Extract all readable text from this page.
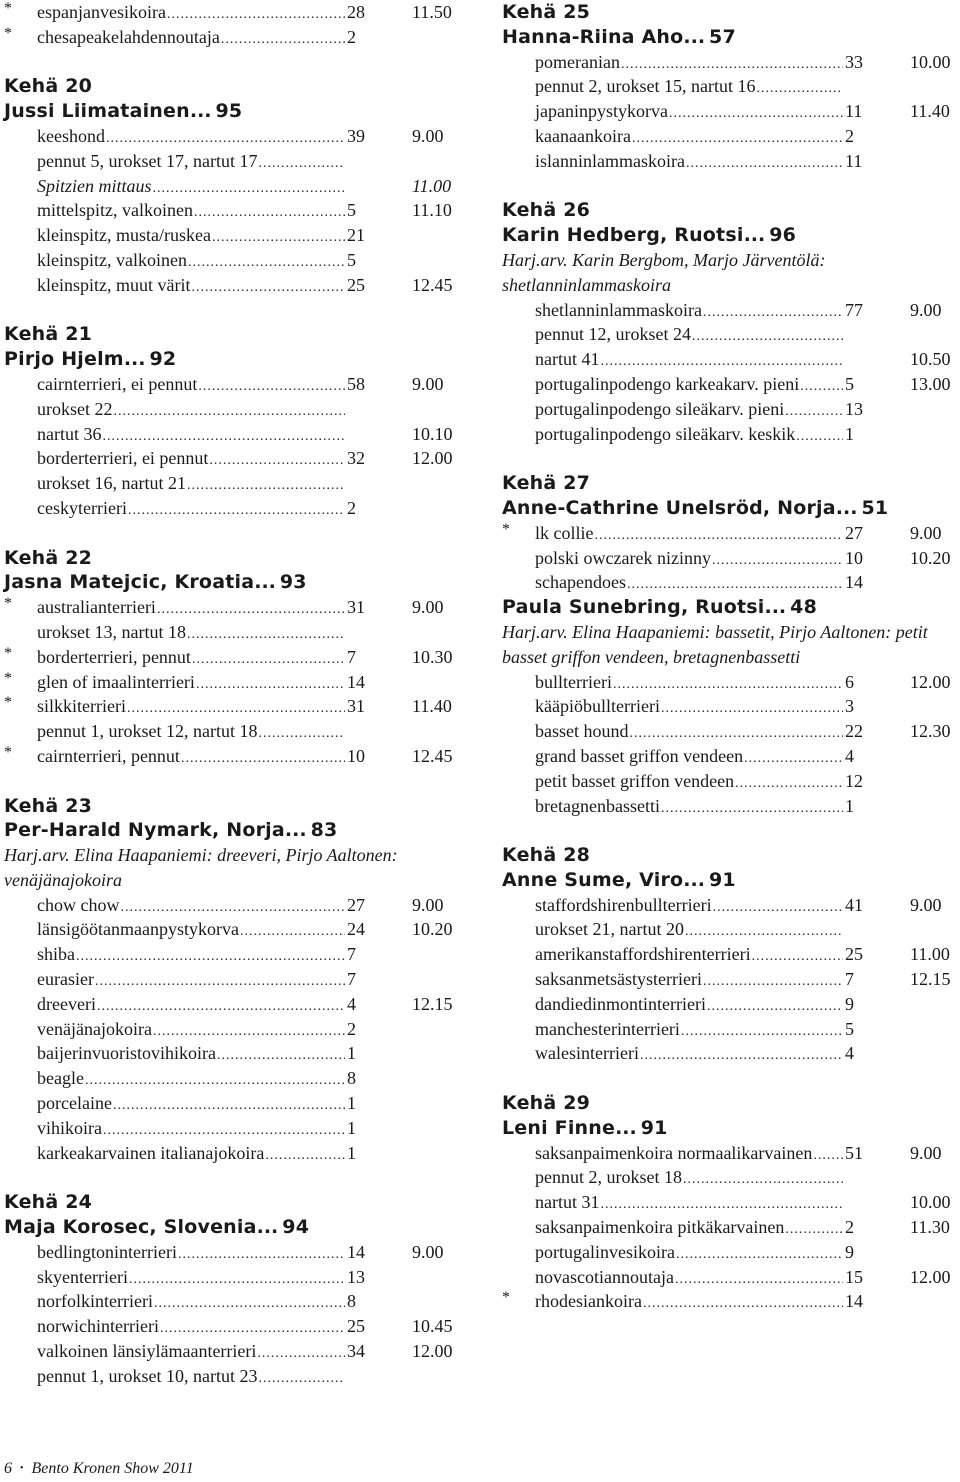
* espanjanvesikoira .....	28	11.50
* chesapeakelahdennoutaja .....	2
Kehä 20
Jussi Liimatainen... 95
keeshond .....	39	9.00
pennut 5, urokset 17, nartut 17
.....
Spitzien mittaus .....	11.00
mittelspitz, valkoinen .....	5	11.10
kleinspitz, musta/ruskea .....	21
kleinspitz, valkoinen .....	5
kleinspitz, muut värit .....	25	12.45
Kehä 21
Pirjo Hjelm... 92
cairnterrieri, ei pennut .....	58	9.00
urokset 22
.....
nartut 36 .....	10.10
borderterrieri, ei pennut .....	32	12.00
urokset 16, nartut 21
.....
ceskyterrieri .....	2
Kehä 22
Jasna Matejcic, Kroatia... 93
* australianterrieri .....	31	9.00
urokset 13, nartut 18
.....
* borderterrieri, pennut .....	7	10.30
* glen of imaalinterrieri .....	14
* silkkiterrieri .....	31	11.40
pennut 1, urokset 12, nartut 18
.....
* cairnterrieri, pennut .....	10	12.45
Kehä 23
Per-Harald Nymark, Norja... 83
Harj.arv. Elina Haapaniemi: dreeveri, Pirjo Aaltonen: venäjänajokoira
chow chow .....	27	9.00
länsigöötanmaanpystykorva .....	24	10.20
shiba .....	7
eurasier .....	7
dreeveri .....	4	12.15
venäjänajokoira .....	2
baijerinvuoristovihikoira .....	1
beagle .....	8
porcelaine .....	1
vihikoira .....	1
karkeakarvainen italianajokoira .....	1
Kehä 24
Maja Korosec, Slovenia... 94
bedlingtoninterrieri .....	14	9.00
skyenterrieri .....	13
norfolkinterrieri .....	8
norwichinterrieri .....	25	10.45
valkoinen länsiylämaanterrieri .....	34	12.00
pennut 1, urokset 10, nartut 23
.....
Kehä 25
Hanna-Riina Aho... 57
pomeranian .....	33	10.00
pennut 2, urokset 15, nartut 16
.....
japaninpystykorva .....	11	11.40
kaanaankoira .....	2
islanninlammaskoira .....	11
Kehä 26
Karin Hedberg, Ruotsi... 96
Harj.arv. Karin Bergbom, Marjo Järventölä: shetlanninlammaskoira
shetlanninlammaskoira .....	77	9.00
pennut 12, urokset 24
.....
nartut 41 .....	10.50
portugalinpodengo karkeakarv. pieni .....	5	13.00
portugalinpodengo sileäkarv. pieni .....	13
portugalinpodengo sileäkarv. keskik .....	1
Kehä 27
Anne-Cathrine Unelsröd, Norja... 51
* lk collie .....	27	9.00
polski owczarek nizinny .....	10	10.20
schapendoes .....	14
Paula Sunebring, Ruotsi... 48
Harj.arv. Elina Haapaniemi: bassetit, Pirjo Aaltonen: petit basset griffon vendeen, bretagnenbassetti
bullterrieri .....	6	12.00
kääpiöbullterrieri .....	3
basset hound .....	22	12.30
grand basset griffon vendeen .....	4
petit basset griffon vendeen .....	12
bretagnenbassetti .....	1
Kehä 28
Anne Sume, Viro... 91
staffordshirenbullterrieri .....	41	9.00
urokset 21, nartut 20
.....
amerikanstaffordshirenterrieri .....	25	11.00
saksanmetsästysterrieri .....	7	12.15
dandiedinmontinterrieri .....	9
manchesterinterrieri .....	5
walesinterrieri .....	4
Kehä 29
Leni Finne... 91
saksanpaimenkoira normaalikarvainen ..... 51	9.00
pennut 2, urokset 18
.....
nartut 31 .....	10.00
saksanpaimenkoira pitkäkarvainen .....	2	11.30
portugalinvesikoira .....	9
novascotiannoutaja .....	15	12.00
* rhodesiankoira .....	14
6 • Bento Kronen Show 2011
